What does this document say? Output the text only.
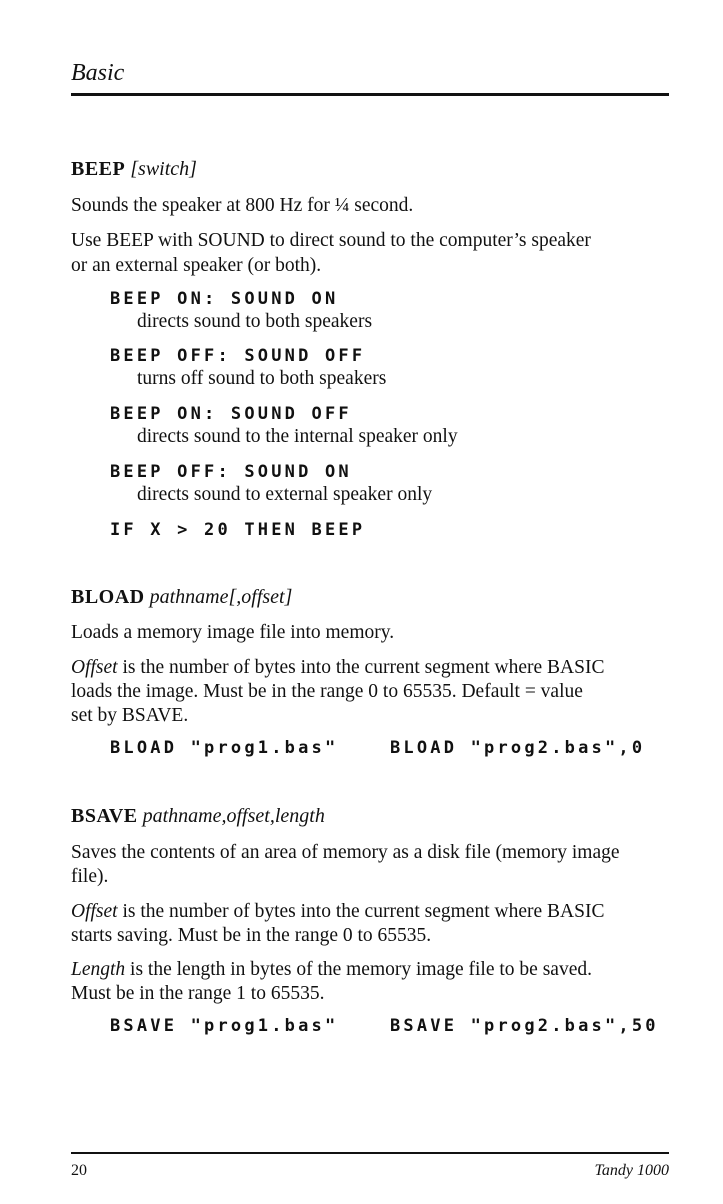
Basic
BEEP [switch]
Sounds the speaker at 800 Hz for ¼ second.
Use BEEP with SOUND to direct sound to the computer’s speaker
or an external speaker (or both).
BEEP ON: SOUND ON
directs sound to both speakers
BEEP OFF: SOUND OFF
turns off sound to both speakers
BEEP ON: SOUND OFF
directs sound to the internal speaker only
BEEP OFF: SOUND ON
directs sound to external speaker only
IF X > 20 THEN BEEP
BLOAD pathname[,offset]
Loads a memory image file into memory.
Offset is the number of bytes into the current segment where BASIC
loads the image. Must be in the range 0 to 65535. Default = value
set by BSAVE.
BLOAD "prog1.bas"	BLOAD "prog2.bas",0
BSAVE pathname,offset,length
Saves the contents of an area of memory as a disk file (memory image
file).
Offset is the number of bytes into the current segment where BASIC
starts saving. Must be in the range 0 to 65535.
Length is the length in bytes of the memory image file to be saved.
Must be in the range 1 to 65535.
BSAVE "prog1.bas"	BSAVE "prog2.bas",50
20	Tandy 1000
